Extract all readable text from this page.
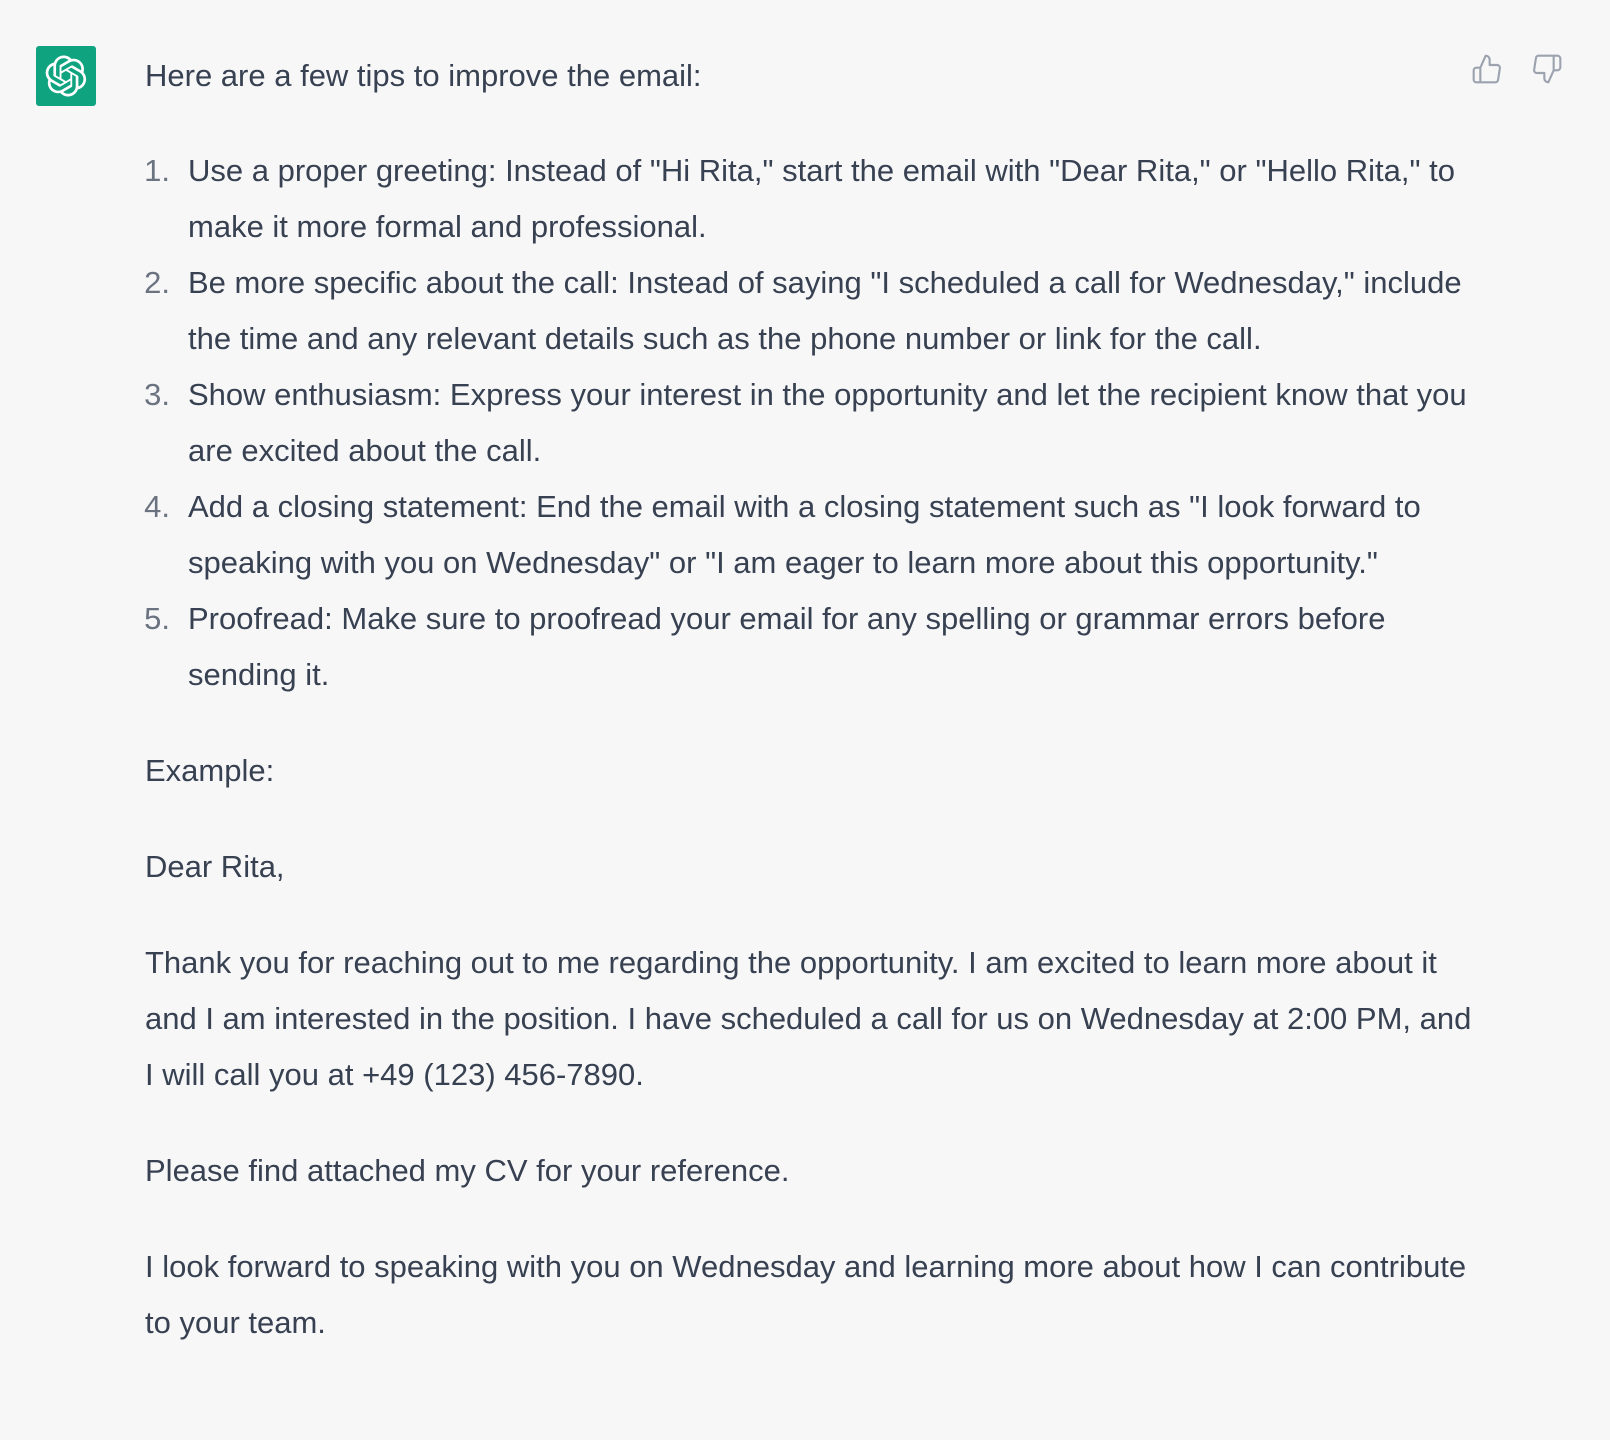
Here are a few tips to improve the email:

1. Use a proper greeting: Instead of "Hi Rita," start the email with "Dear Rita," or "Hello Rita," to make it more formal and professional.
2. Be more specific about the call: Instead of saying "I scheduled a call for Wednesday," include the time and any relevant details such as the phone number or link for the call.
3. Show enthusiasm: Express your interest in the opportunity and let the recipient know that you are excited about the call.
4. Add a closing statement: End the email with a closing statement such as "I look forward to speaking with you on Wednesday" or "I am eager to learn more about this opportunity."
5. Proofread: Make sure to proofread your email for any spelling or grammar errors before sending it.

Example:

Dear Rita,

Thank you for reaching out to me regarding the opportunity. I am excited to learn more about it and I am interested in the position. I have scheduled a call for us on Wednesday at 2:00 PM, and I will call you at +49 (123) 456-7890.

Please find attached my CV for your reference.

I look forward to speaking with you on Wednesday and learning more about how I can contribute to your team.
